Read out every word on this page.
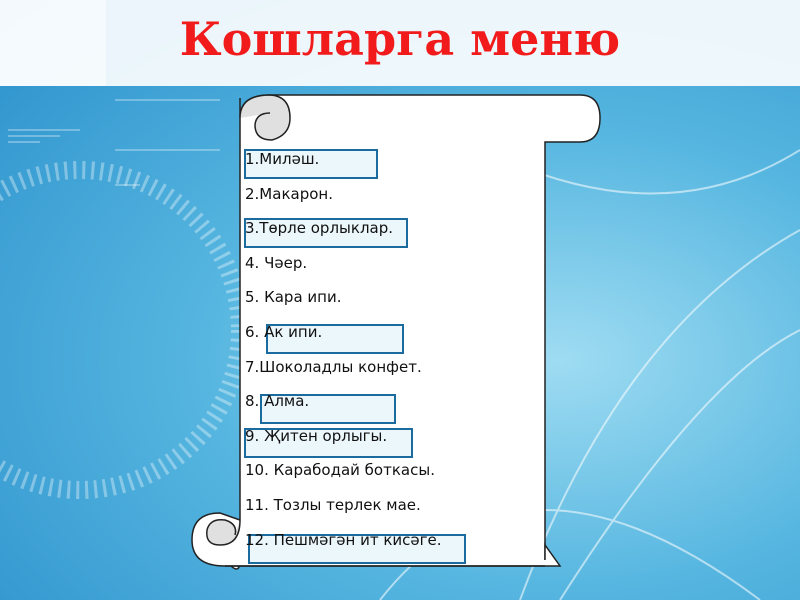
Кошларга меню
1.Миләш.
2.Макарон.
3.Төрле орлыклар.
4. Чәер.
5. Кара ипи.
6. Ак ипи.
7.Шоколадлы конфет.
8. Алма.
9. Җитен орлыгы.
10. Карабодай боткасы.
11. Тозлы терлек мае.
12. Пешмәгән ит кисәге.
